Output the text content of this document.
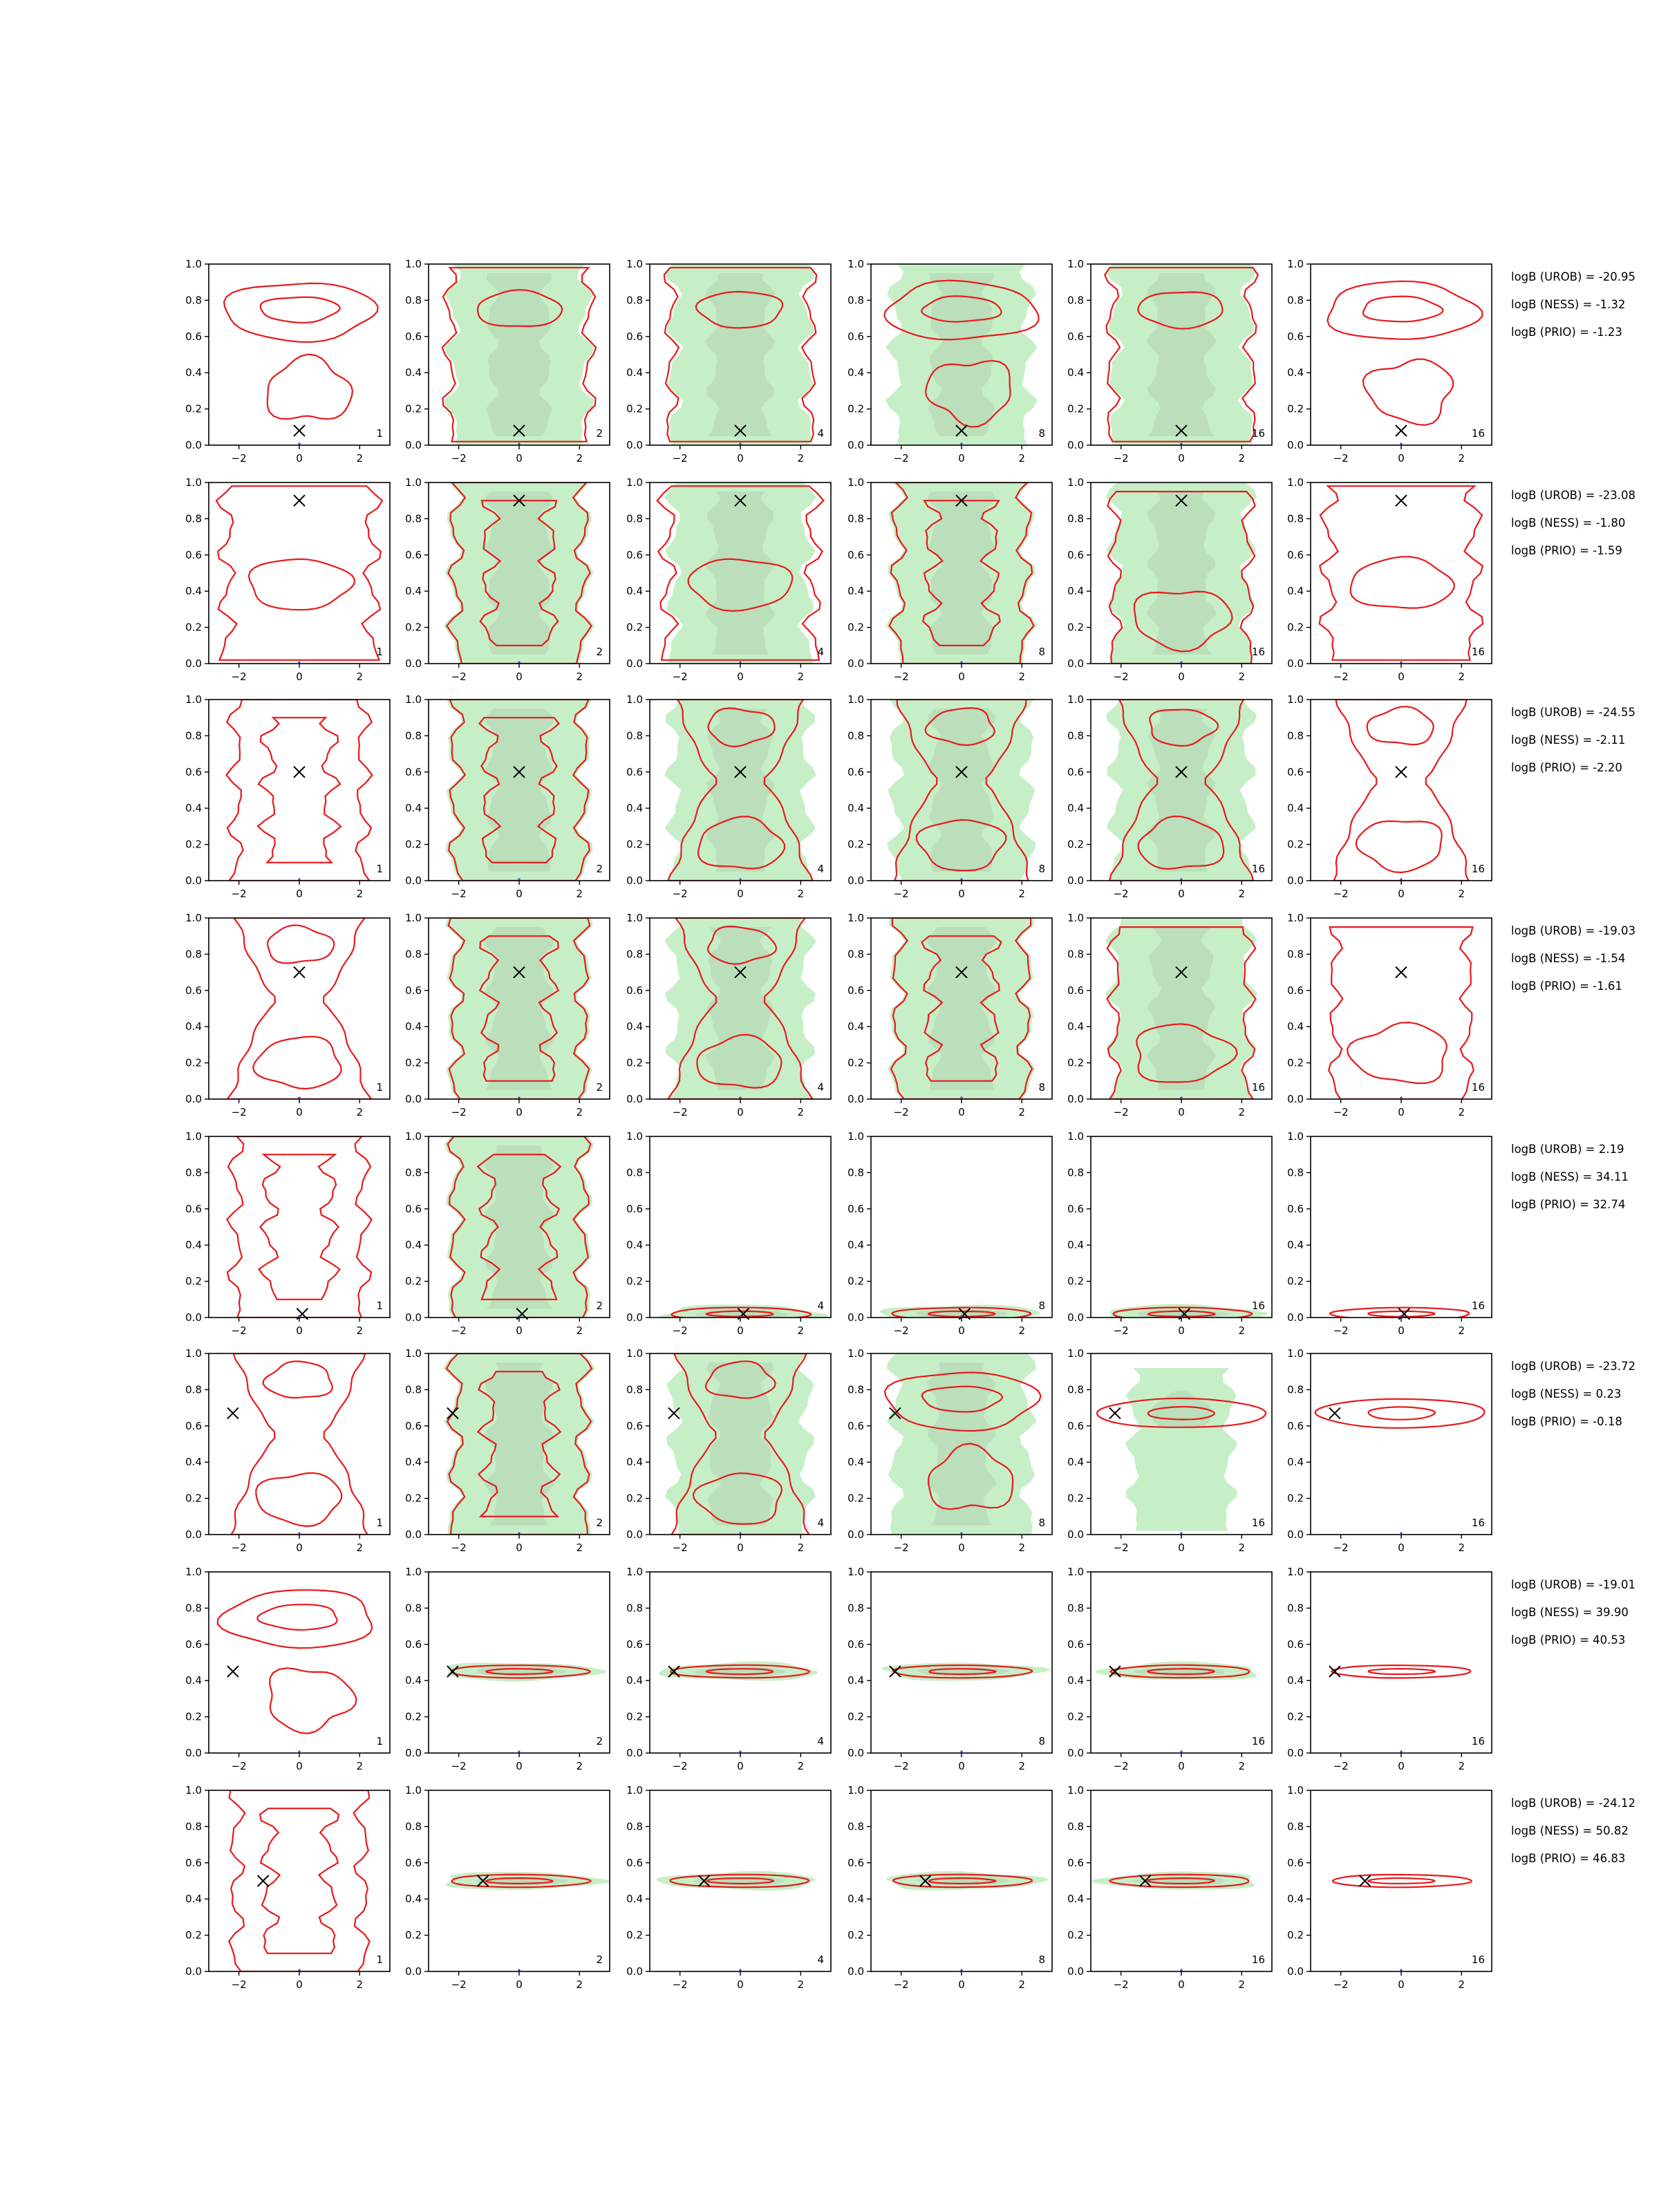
0.0
0.2
0.4
0.6
0.8
1.0
−2	0	2
1
0.0
0.2
0.4
0.6
0.8
1.0
−2	0	2
2
0.0
0.2
0.4
0.6
0.8
1.0
−2	0	2
4
0.0
0.2
0.4
0.6
0.8
1.0
−2	0	2
8
0.0
0.2
0.4
0.6
0.8
1.0
−2	0	2
16
0.0
0.2
0.4
0.6
0.8
1.0
−2	0	2
16
logB (UROB) = -20.95
logB (NESS) = -1.32
logB (PRIO) = -1.23
0.0
0.2
0.4
0.6
0.8
1.0
−2	0	2
1
0.0
0.2
0.4
0.6
0.8
1.0
−2	0	2
2
0.0
0.2
0.4
0.6
0.8
1.0
−2	0	2
4
0.0
0.2
0.4
0.6
0.8
1.0
−2	0	2
8
0.0
0.2
0.4
0.6
0.8
1.0
−2	0	2
16
0.0
0.2
0.4
0.6
0.8
1.0
−2	0	2
16
logB (UROB) = -23.08
logB (NESS) = -1.80
logB (PRIO) = -1.59
0.0
0.2
0.4
0.6
0.8
1.0
−2	0	2
1
0.0
0.2
0.4
0.6
0.8
1.0
−2	0	2
2
0.0
0.2
0.4
0.6
0.8
1.0
−2	0	2
4
0.0
0.2
0.4
0.6
0.8
1.0
−2	0	2
8
0.0
0.2
0.4
0.6
0.8
1.0
−2	0	2
16
0.0
0.2
0.4
0.6
0.8
1.0
−2	0	2
16
logB (UROB) = -24.55
logB (NESS) = -2.11
logB (PRIO) = -2.20
0.0
0.2
0.4
0.6
0.8
1.0
−2	0	2
1
0.0
0.2
0.4
0.6
0.8
1.0
−2	0	2
2
0.0
0.2
0.4
0.6
0.8
1.0
−2	0	2
4
0.0
0.2
0.4
0.6
0.8
1.0
−2	0	2
8
0.0
0.2
0.4
0.6
0.8
1.0
−2	0	2
16
0.0
0.2
0.4
0.6
0.8
1.0
−2	0	2
16
logB (UROB) = -19.03
logB (NESS) = -1.54
logB (PRIO) = -1.61
0.0
0.2
0.4
0.6
0.8
1.0
−2	0	2
1
0.0
0.2
0.4
0.6
0.8
1.0
−2	0	2
2
0.0
0.2
0.4
0.6
0.8
1.0
−2	0	2
4
0.0
0.2
0.4
0.6
0.8
1.0
−2	0	2
8
0.0
0.2
0.4
0.6
0.8
1.0
−2	0	2
16
0.0
0.2
0.4
0.6
0.8
1.0
−2	0	2
16
logB (UROB) = 2.19
logB (NESS) = 34.11
logB (PRIO) = 32.74
0.0
0.2
0.4
0.6
0.8
1.0
−2	0	2
1
0.0
0.2
0.4
0.6
0.8
1.0
−2	0	2
2
0.0
0.2
0.4
0.6
0.8
1.0
−2	0	2
4
0.0
0.2
0.4
0.6
0.8
1.0
−2	0	2
8
0.0
0.2
0.4
0.6
0.8
1.0
−2	0	2
16
0.0
0.2
0.4
0.6
0.8
1.0
−2	0	2
16
logB (UROB) = -23.72
logB (NESS) = 0.23
logB (PRIO) = -0.18
0.0
0.2
0.4
0.6
0.8
1.0
−2	0	2
1
0.0
0.2
0.4
0.6
0.8
1.0
−2	0	2
2
0.0
0.2
0.4
0.6
0.8
1.0
−2	0	2
4
0.0
0.2
0.4
0.6
0.8
1.0
−2	0	2
8
0.0
0.2
0.4
0.6
0.8
1.0
−2	0	2
16
0.0
0.2
0.4
0.6
0.8
1.0
−2	0	2
16
logB (UROB) = -19.01
logB (NESS) = 39.90
logB (PRIO) = 40.53
0.0
0.2
0.4
0.6
0.8
1.0
−2	0	2
1
0.0
0.2
0.4
0.6
0.8
1.0
−2	0	2
2
0.0
0.2
0.4
0.6
0.8
1.0
−2	0	2
4
0.0
0.2
0.4
0.6
0.8
1.0
−2	0	2
8
0.0
0.2
0.4
0.6
0.8
1.0
−2	0	2
16
0.0
0.2
0.4
0.6
0.8
1.0
−2	0	2
16
logB (UROB) = -24.12
logB (NESS) = 50.82
logB (PRIO) = 46.83
